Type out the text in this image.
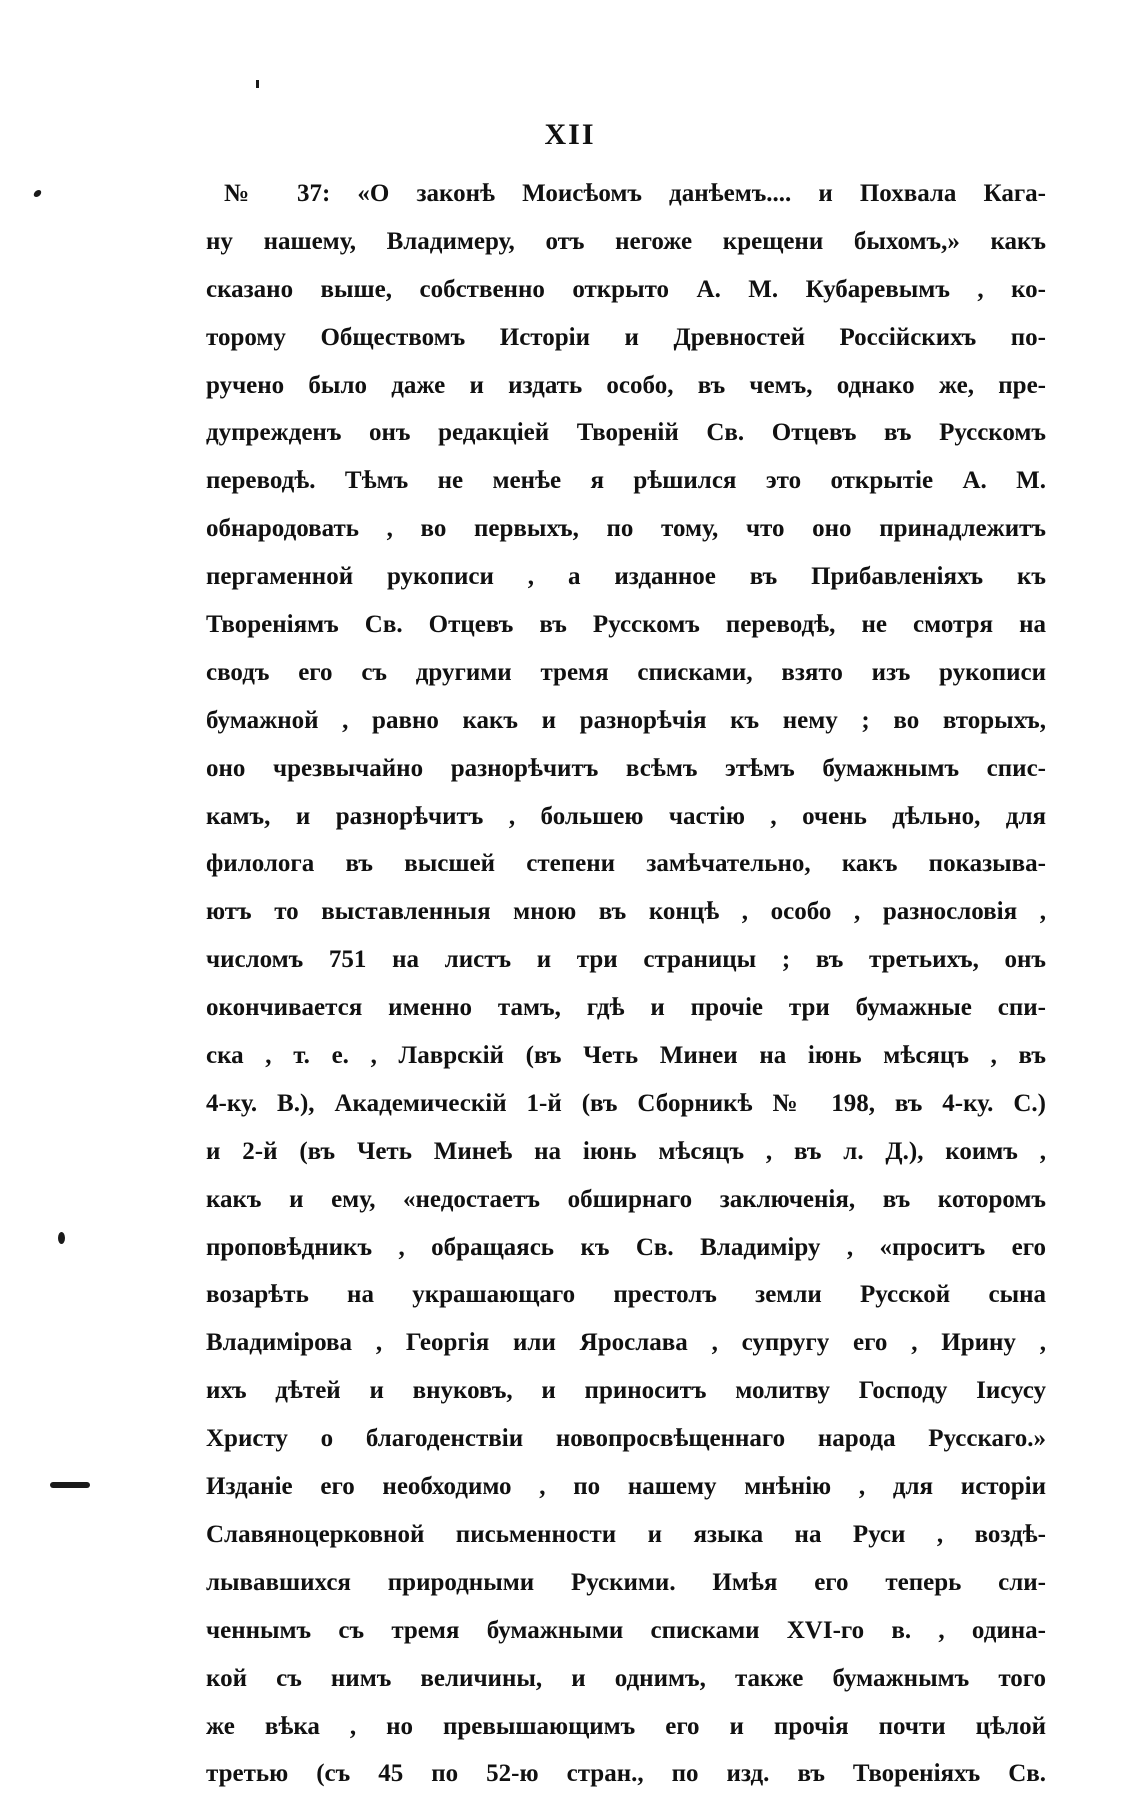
XII
№ 37: «О законѣ Моисѣомъ данѣемъ.... и Похвала Кага-
ну нашему, Владимеру, отъ негоже крещени быхомъ,» какъ
сказано выше, собственно открыто А. М. Кубаревымъ , ко-
торому Обществомъ Исторіи и Древностей Россійскихъ по-
ручено было даже и издать особо, въ чемъ, однако же, пре-
дупрежденъ онъ редакціей Твореній Св. Отцевъ въ Русскомъ
переводѣ. Тѣмъ не менѣе я рѣшился это открытіе А. М.
обнародовать , во первыхъ, по тому, что оно принадлежитъ
пергаменной рукописи , а изданное въ Прибавленіяхъ къ
Твореніямъ Св. Отцевъ въ Русскомъ переводѣ, не смотря на
сводъ его съ другими тремя списками, взято изъ рукописи
бумажной , равно какъ и разнорѣчія къ нему ; во вторыхъ,
оно чрезвычайно разнорѣчитъ всѣмъ этѣмъ бумажнымъ спис-
камъ, и разнорѣчитъ , большею частію , очень дѣльно, для
филолога въ высшей степени замѣчательно, какъ показыва-
ютъ то выставленныя мною въ концѣ , особо , разнословія ,
числомъ 751 на листъ и три страницы ; въ третьихъ, онъ
окончивается именно тамъ, гдѣ и прочіе три бумажные спи-
ска , т. е. , Лаврскій (въ Четь Минеи на іюнь мѣсяцъ , въ
4-ку. В.), Академическій 1-й (въ Сборникѣ № 198, въ 4-ку. С.)
и 2-й (въ Четь Минеѣ на іюнь мѣсяцъ , въ л. Д.), коимъ ,
какъ и ему, «недостаетъ обширнаго заключенія, въ которомъ
проповѣдникъ , обращаясь къ Св. Владиміру , «проситъ его
возарѣть на украшающаго престолъ земли Русской сына
Владимірова , Георгія или Ярослава , супругу его , Ирину ,
ихъ дѣтей и внуковъ, и приноситъ молитву Господу Іисусу
Христу о благоденствіи новопросвѣщеннаго народа Русскаго.»
Изданіе его необходимо , по нашему мнѣнію , для исторіи
Славяноцерковной письменности и языка на Руси , воздѣ-
лывавшихся природными Рускими. Имѣя его теперь сли-
ченнымъ съ тремя бумажными списками XVI-го в. , одина-
кой съ нимъ величины, и однимъ, также бумажнымъ того
же вѣка , но превышающимъ его и прочія почти цѣлой
третью (съ 45 по 52-ю стран., по изд. въ Твореніяхъ Св.
